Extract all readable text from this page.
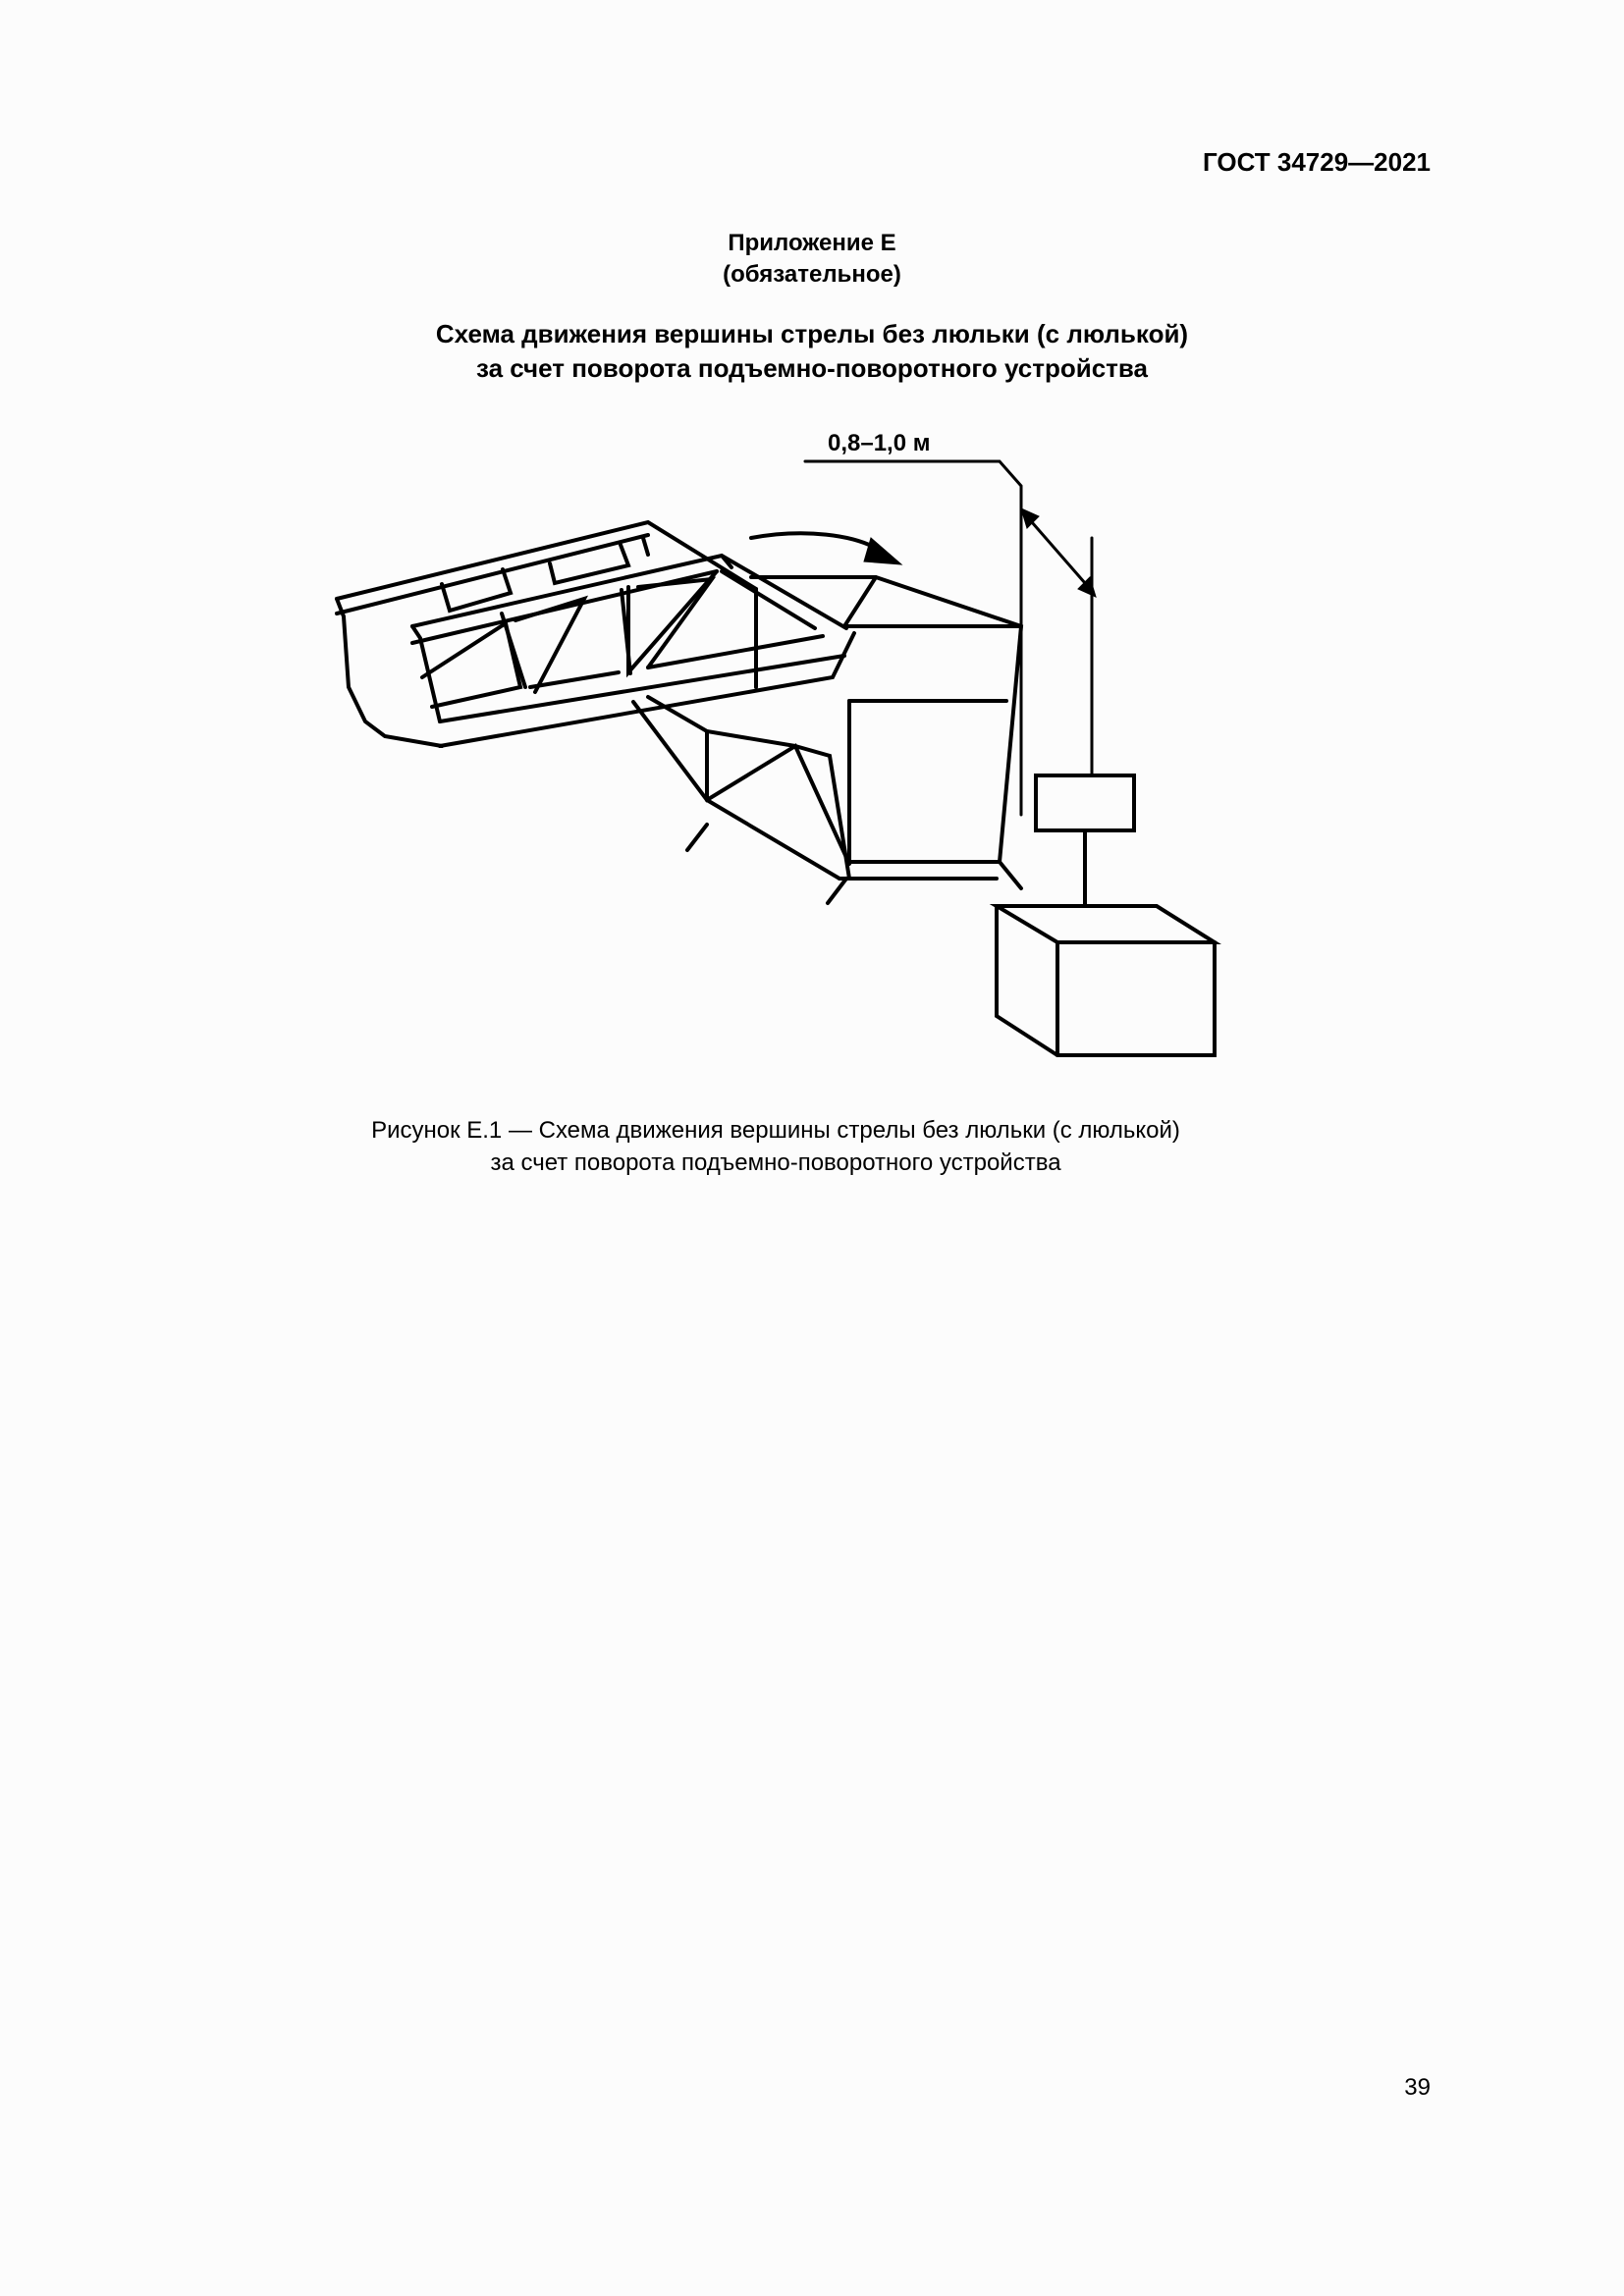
ГОСТ 34729—2021
Приложение Е
(обязательное)
Схема движения вершины стрелы без люльки (с люлькой)
за счет поворота подъемно-поворотного устройства
0,8–1,0 м
Рисунок Е.1 — Схема движения вершины стрелы без люльки (с люлькой)
за счет поворота подъемно-поворотного устройства
39
